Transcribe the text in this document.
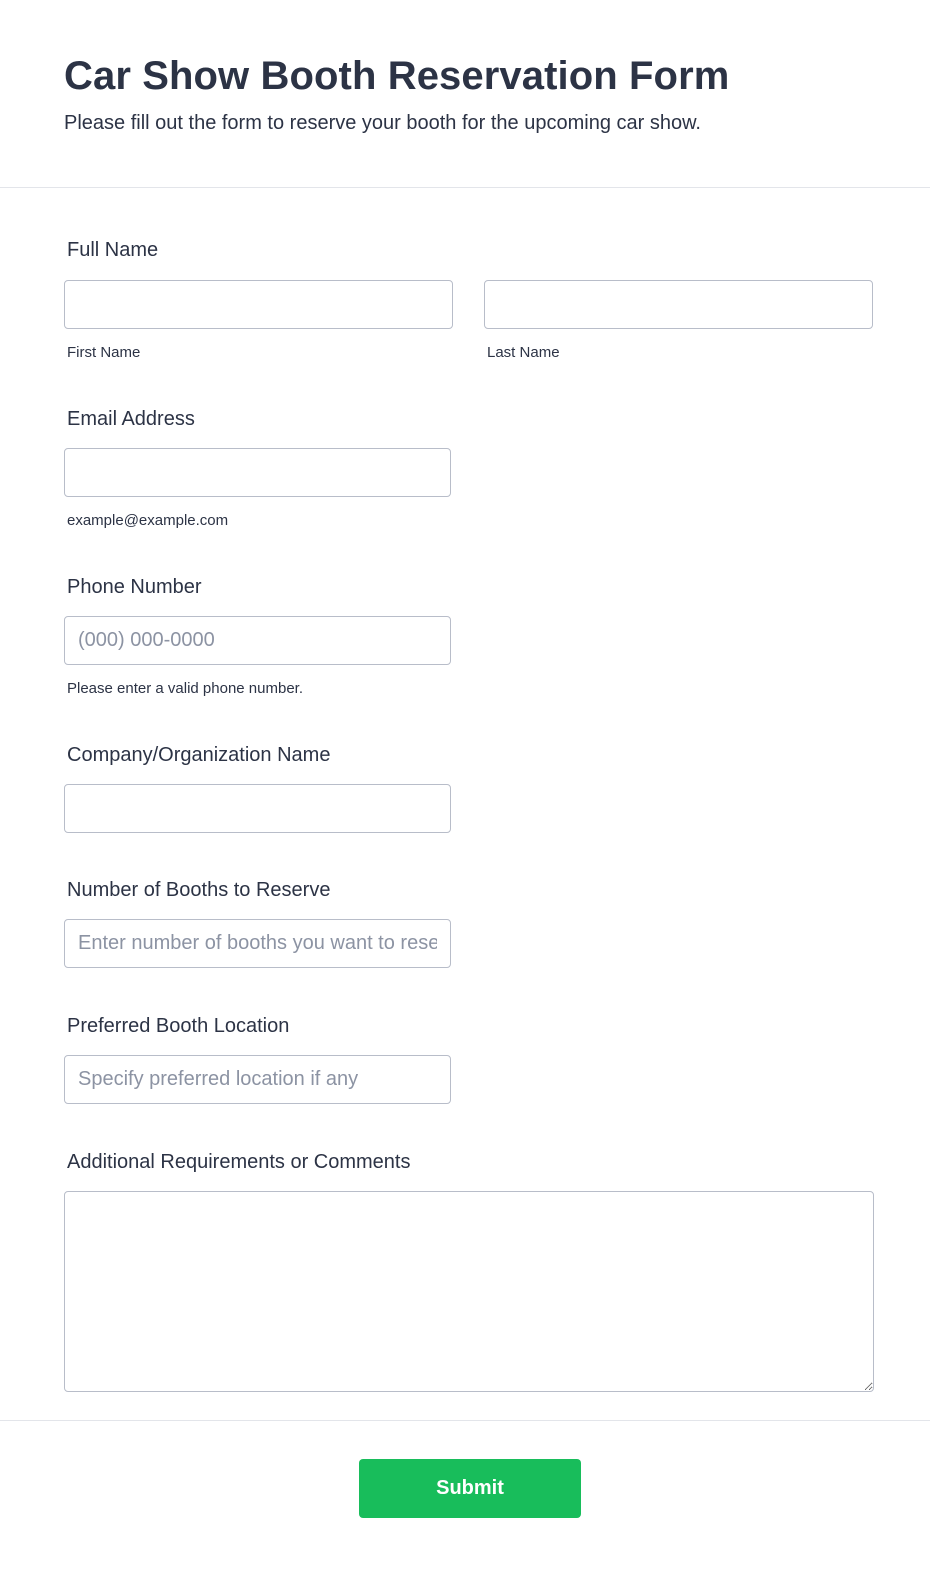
Car Show Booth Reservation Form

Please fill out the form to reserve your booth for the upcoming car show.

Full Name
First Name	Last Name
Email Address
example@example.com
Phone Number
(000) 000-0000
Please enter a valid phone number.
Company/Organization Name
Number of Booths to Reserve
Enter number of booths you want to reserve
Preferred Booth Location
Specify preferred location if any
Additional Requirements or Comments
Submit
